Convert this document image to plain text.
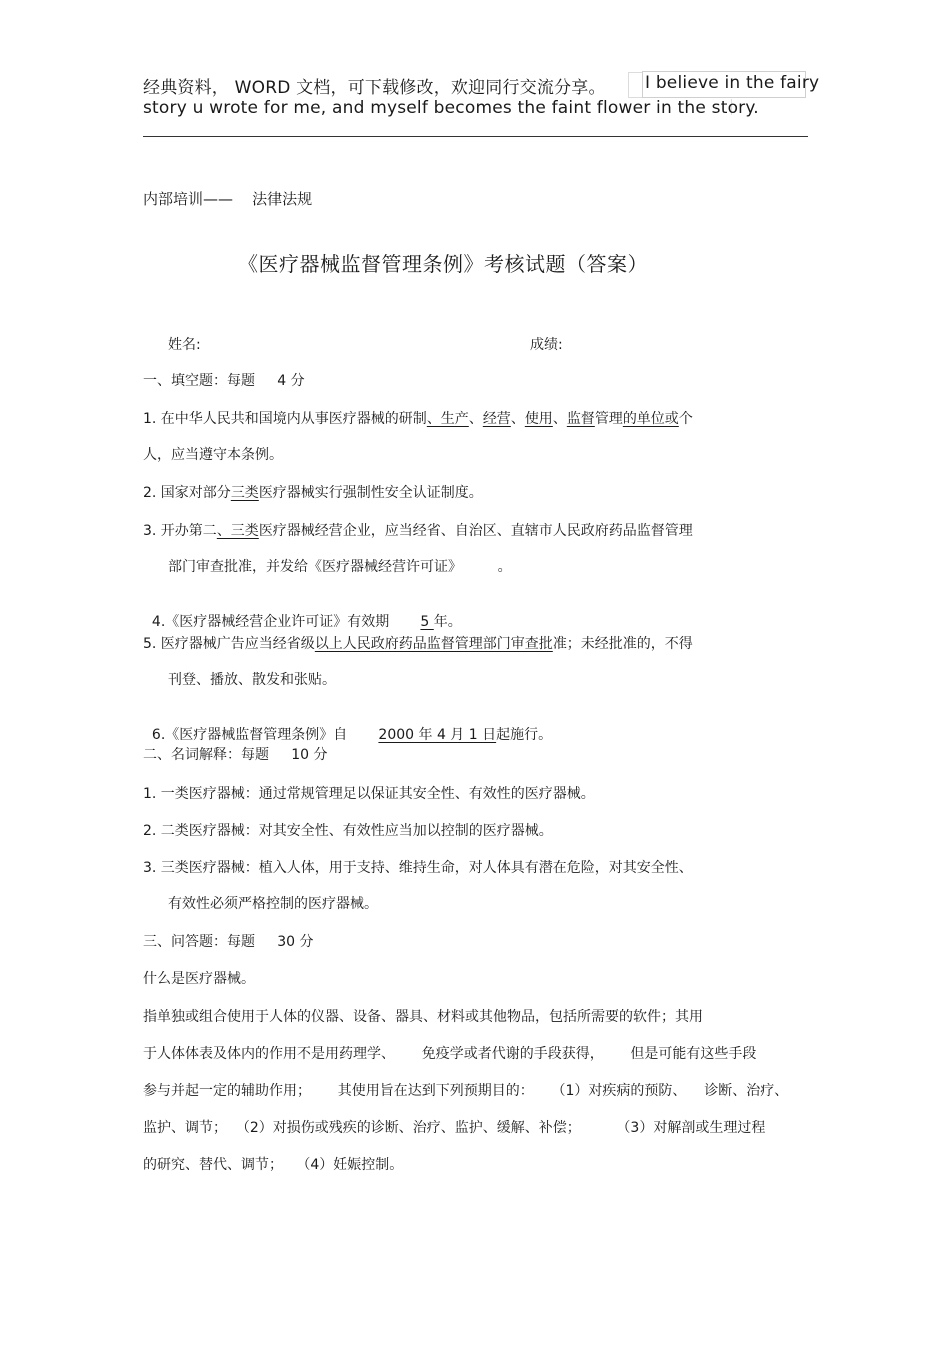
经典资料， WORD 文档，可下载修改，欢迎同行交流分享。 I believe in the fairy
story u wrote for me, and myself becomes the faint flower in the story.
内部培训——    法律法规
《医疗器械监督管理条例》考核试题（答案）
姓名:	成绩:
一、填空题：每题     4 分
1. 在中华人民共和国境内从事医疗器械的研制、生产、经营、使用、监督管理的单位或个
人，应当遵守本条例。
2. 国家对部分三类医疗器械实行强制性安全认证制度。
3. 开办第二、三类医疗器械经营企业，应当经省、自治区、直辖市人民政府药品监督管理
部门审查批准，并发给《医疗器械经营许可证》        。

4.《医疗器械经营企业许可证》有效期       5 年。

5. 医疗器械广告应当经省级以上人民政府药品监督管理部门审查批准；未经批准的，不得
刊登、播放、散发和张贴。

6.《医疗器械监督管理条例》自       2000 年 4 月 1 日起施行。

二、名词解释：每题     10 分
1. 一类医疗器械：通过常规管理足以保证其安全性、有效性的医疗器械。
2. 二类医疗器械：对其安全性、有效性应当加以控制的医疗器械。
3. 三类医疗器械：植入人体，用于支持、维持生命，对人体具有潜在危险，对其安全性、
有效性必须严格控制的医疗器械。
三、问答题：每题     30 分
什么是医疗器械。
指单独或组合使用于人体的仪器、设备、器具、材料或其他物品，包括所需要的软件；其用
于人体体表及体内的作用不是用药理学、      免疫学或者代谢的手段获得，      但是可能有这些手段
参与并起一定的辅助作用；      其使用旨在达到下列预期目的：    （1）对疾病的预防、    诊断、治疗、
监护、调节；  （2）对损伤或残疾的诊断、治疗、监护、缓解、补偿；        （3）对解剖或生理过程
的研究、替代、调节；   （4）妊娠控制。
